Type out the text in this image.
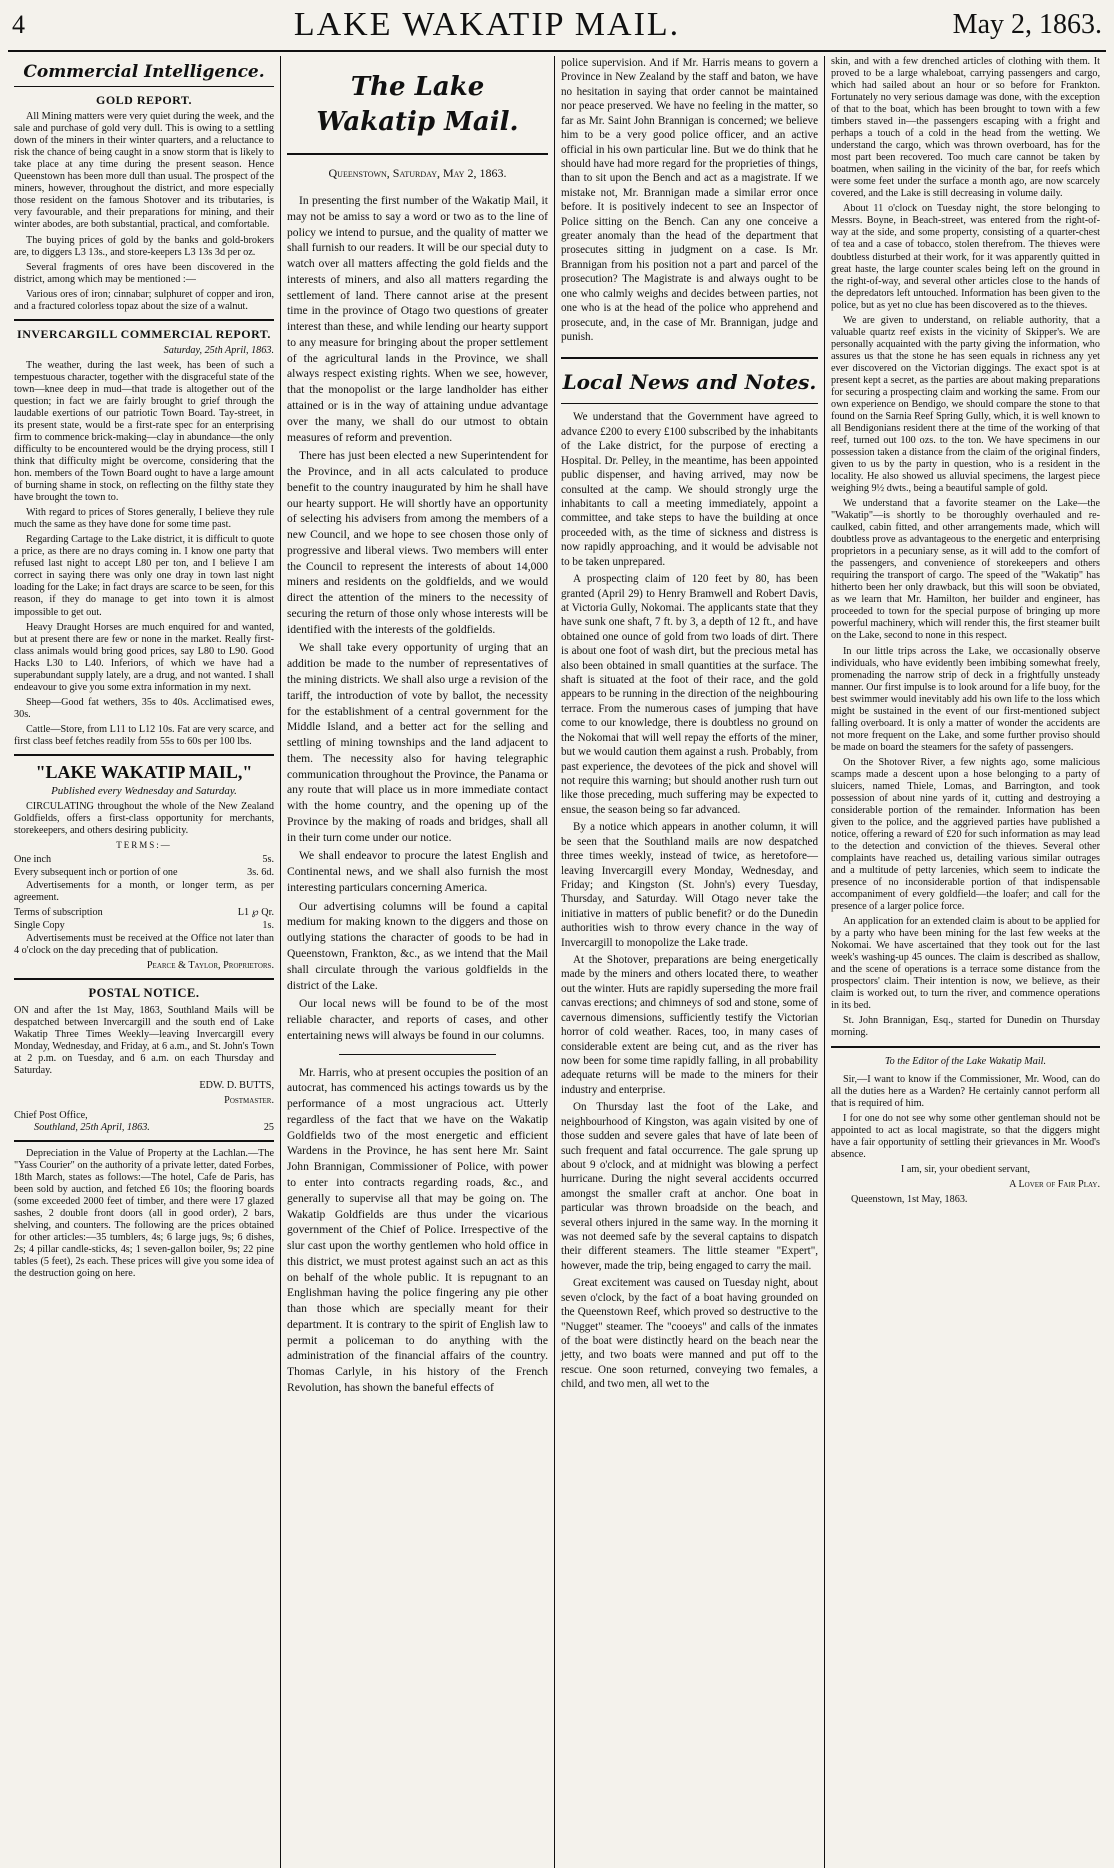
4	LAKE WAKATIP MAIL.	May 2, 1863.
Commercial Intelligence.
GOLD REPORT.

All Mining matters were very quiet during the week, and the sale and purchase of gold very dull. This is owing to a settling down of the miners in their winter quarters, and a reluctance to risk the chance of being caught in a snow storm that is likely to take place at any time during the present season. Hence Queenstown has been more dull than usual. The prospect of the miners, however, throughout the district, and more especially those resident on the famous Shotover and its tributaries, is very favourable, and their preparations for mining, and their winter abodes, are both substantial, practical, and comfortable.

The buying prices of gold by the banks and gold-brokers are, to diggers L3 13s., and store-keepers L3 13s 3d per oz.

Several fragments of ores have been discovered in the district, among which may be mentioned :—

Various ores of iron; cinnabar; sulphuret of copper and iron, and a fractured colorless topaz about the size of a walnut.

INVERCARGILL COMMERCIAL REPORT.
Saturday, 25th April, 1863.

The weather, during the last week, has been of such a tempestuous character, together with the disgraceful state of the town—knee deep in mud—that trade is altogether out of the question; in fact we are fairly brought to grief through the laudable exertions of our patriotic Town Board. Tay-street, in its present state, would be a first-rate spec for an enterprising firm to commence brick-making—clay in abundance—the only difficulty to be encountered would be the drying process, still I think that difficulty might be overcome, considering that the hon. members of the Town Board ought to have a large amount of burning shame in stock, on reflecting on the filthy state they have brought the town to.

With regard to prices of Stores generally, I believe they rule much the same as they have done for some time past.

Regarding Cartage to the Lake district, it is difficult to quote a price, as there are no drays coming in. I know one party that refused last night to accept L80 per ton, and I believe I am correct in saying there was only one dray in town last night loading for the Lake; in fact drays are scarce to be seen, for this reason, if they do manage to get into town it is almost impossible to get out.

Heavy Draught Horses are much enquired for and wanted, but at present there are few or none in the market. Really first-class animals would bring good prices, say L80 to L90. Good Hacks L30 to L40. Inferiors, of which we have had a superabundant supply lately, are a drug, and not wanted. I shall endeavour to give you some extra information in my next.

Sheep—Good fat wethers, 35s to 40s. Acclimatised ewes, 30s.

Cattle—Store, from L11 to L12 10s. Fat are very scarce, and first class beef fetches readily from 55s to 60s per 100 lbs.

"LAKE WAKATIP MAIL,"
Published every Wednesday and Saturday.

CIRCULATING throughout the whole of the New Zealand Goldfields, offers a first-class opportunity for merchants, storekeepers, and others desiring publicity.

TERMS:—
One inch	5s.
Every subsequent inch or portion of one	3s. 6d.

Advertisements for a month, or longer term, as per agreement.

Terms of subscription	L1 ℘ Qr.
Single Copy	1s.

Advertisements must be received at the Office not later than 4 o'clock on the day preceding that of publication.

Pearce & Taylor, Proprietors.
POSTAL NOTICE.

ON and after the 1st May, 1863, Southland Mails will be despatched between Invercargill and the south end of Lake Wakatip Three Times Weekly—leaving Invercargill every Monday, Wednesday, and Friday, at 6 a.m., and St. John's Town at 2 p.m. on Tuesday, and 6 a.m. on each Thursday and Saturday.

EDW. D. BUTTS,
Postmaster.
Chief Post Office,
Southland, 25th April, 1863.	25

Depreciation in the Value of Property at the Lachlan.—The "Yass Courier" on the authority of a private letter, dated Forbes, 18th March, states as follows:—The hotel, Cafe de Paris, has been sold by auction, and fetched £6 10s; the flooring boards (some exceeded 2000 feet of timber, and there were 17 glazed sashes, 2 double front doors (all in good order), 2 bars, shelving, and counters. The following are the prices obtained for other articles:—35 tumblers, 4s; 6 large jugs, 9s; 6 dishes, 2s; 4 pillar candle-sticks, 4s; 1 seven-gallon boiler, 9s; 22 pine tables (5 feet), 2s each. These prices will give you some idea of the destruction going on here.

The Lake Wakatip Mail.
Queenstown, Saturday, May 2, 1863.

In presenting the first number of the Wakatip Mail, it may not be amiss to say a word or two as to the line of policy we intend to pursue, and the quality of matter we shall furnish to our readers. It will be our special duty to watch over all matters affecting the gold fields and the interests of miners, and also all matters regarding the settlement of land. There cannot arise at the present time in the province of Otago two questions of greater interest than these, and while lending our hearty support to any measure for bringing about the proper settlement of the agricultural lands in the Province, we shall always respect existing rights. When we see, however, that the monopolist or the large landholder has either attained or is in the way of attaining undue advantage over the many, we shall do our utmost to obtain measures of reform and prevention.

There has just been elected a new Superintendent for the Province, and in all acts calculated to produce benefit to the country inaugurated by him he shall have our hearty support. He will shortly have an opportunity of selecting his advisers from among the members of a new Council, and we hope to see chosen those only of progressive and liberal views. Two members will enter the Council to represent the interests of about 14,000 miners and residents on the goldfields, and we would direct the attention of the miners to the necessity of securing the return of those only whose interests will be identified with the interests of the goldfields.

We shall take every opportunity of urging that an addition be made to the number of representatives of the mining districts. We shall also urge a revision of the tariff, the introduction of vote by ballot, the necessity for the establishment of a central government for the Middle Island, and a better act for the selling and settling of mining townships and the land adjacent to them. The necessity also for having telegraphic communication throughout the Province, the Panama or any route that will place us in more immediate contact with the home country, and the opening up of the Province by the making of roads and bridges, shall all in their turn come under our notice.

We shall endeavor to procure the latest English and Continental news, and we shall also furnish the most interesting particulars concerning America.

Our advertising columns will be found a capital medium for making known to the diggers and those on outlying stations the character of goods to be had in Queenstown, Frankton, &c., as we intend that the Mail shall circulate through the various goldfields in the district of the Lake.

Our local news will be found to be of the most reliable character, and reports of cases, and other entertaining news will always be found in our columns.

Mr. Harris, who at present occupies the position of an autocrat, has commenced his actings towards us by the performance of a most ungracious act. Utterly regardless of the fact that we have on the Wakatip Goldfields two of the most energetic and efficient Wardens in the Province, he has sent here Mr. Saint John Brannigan, Commissioner of Police, with power to enter into contracts regarding roads, &c., and generally to supervise all that may be going on. The Wakatip Goldfields are thus under the vicarious government of the Chief of Police. Irrespective of the slur cast upon the worthy gentlemen who hold office in this district, we must protest against such an act as this on behalf of the whole public. It is repugnant to an Englishman having the police fingering any pie other than those which are specially meant for their department. It is contrary to the spirit of English law to permit a policeman to do anything with the administration of the financial affairs of the country. Thomas Carlyle, in his history of the French Revolution, has shown the baneful effects of

police supervision. And if Mr. Harris means to govern a Province in New Zealand by the staff and baton, we have no hesitation in saying that order cannot be maintained nor peace preserved. We have no feeling in the matter, so far as Mr. Saint John Brannigan is concerned; we believe him to be a very good police officer, and an active official in his own particular line. But we do think that he should have had more regard for the proprieties of things, than to sit upon the Bench and act as a magistrate. If we mistake not, Mr. Brannigan made a similar error once before. It is positively indecent to see an Inspector of Police sitting on the Bench. Can any one conceive a greater anomaly than the head of the department that prosecutes sitting in judgment on a case. Is Mr. Brannigan from his position not a part and parcel of the prosecution? The Magistrate is and always ought to be one who calmly weighs and decides between parties, not one who is at the head of the police who apprehend and prosecute, and, in the case of Mr. Brannigan, judge and punish.

Local News and Notes.

We understand that the Government have agreed to advance £200 to every £100 subscribed by the inhabitants of the Lake district, for the purpose of erecting a Hospital. Dr. Pelley, in the meantime, has been appointed public dispenser, and having arrived, may now be consulted at the camp. We should strongly urge the inhabitants to call a meeting immediately, appoint a committee, and take steps to have the building at once proceeded with, as the time of sickness and distress is now rapidly approaching, and it would be advisable not to be taken unprepared.

A prospecting claim of 120 feet by 80, has been granted (April 29) to Henry Bramwell and Robert Davis, at Victoria Gully, Nokomai. The applicants state that they have sunk one shaft, 7 ft. by 3, a depth of 12 ft., and have obtained one ounce of gold from two loads of dirt. There is about one foot of wash dirt, but the precious metal has also been obtained in small quantities at the surface. The shaft is situated at the foot of their race, and the gold appears to be running in the direction of the neighbouring terrace. From the numerous cases of jumping that have come to our knowledge, there is doubtless no ground on the Nokomai that will well repay the efforts of the miner, but we would caution them against a rush. Probably, from past experience, the devotees of the pick and shovel will not require this warning; but should another rush turn out like those preceding, much suffering may be expected to ensue, the season being so far advanced.

By a notice which appears in another column, it will be seen that the Southland mails are now despatched three times weekly, instead of twice, as heretofore—leaving Invercargill every Monday, Wednesday, and Friday; and Kingston (St. John's) every Tuesday, Thursday, and Saturday. Will Otago never take the initiative in matters of public benefit? or do the Dunedin authorities wish to throw every chance in the way of Invercargill to monopolize the Lake trade.

At the Shotover, preparations are being energetically made by the miners and others located there, to weather out the winter. Huts are rapidly superseding the more frail canvas erections; and chimneys of sod and stone, some of cavernous dimensions, sufficiently testify the Victorian horror of cold weather. Races, too, in many cases of considerable extent are being cut, and as the river has now been for some time rapidly falling, in all probability adequate returns will be made to the miners for their industry and enterprise.

On Thursday last the foot of the Lake, and neighbourhood of Kingston, was again visited by one of those sudden and severe gales that have of late been of such frequent and fatal occurrence. The gale sprung up about 9 o'clock, and at midnight was blowing a perfect hurricane. During the night several accidents occurred amongst the smaller craft at anchor. One boat in particular was thrown broadside on the beach, and several others injured in the same way. In the morning it was not deemed safe by the several captains to dispatch their different steamers. The little steamer "Expert", however, made the trip, being engaged to carry the mail.

Great excitement was caused on Tuesday night, about seven o'clock, by the fact of a boat having grounded on the Queenstown Reef, which proved so destructive to the "Nugget" steamer. The "cooeys" and calls of the inmates of the boat were distinctly heard on the beach near the jetty, and two boats were manned and put off to the rescue. One soon returned, conveying two females, a child, and two men, all wet to the

skin, and with a few drenched articles of clothing with them. It proved to be a large whaleboat, carrying passengers and cargo, which had sailed about an hour or so before for Frankton. Fortunately no very serious damage was done, with the exception of that to the boat, which has been brought to town with a few timbers staved in—the passengers escaping with a fright and perhaps a touch of a cold in the head from the wetting. We understand the cargo, which was thrown overboard, has for the most part been recovered. Too much care cannot be taken by boatmen, when sailing in the vicinity of the bar, for reefs which were some feet under the surface a month ago, are now scarcely covered, and the Lake is still decreasing in volume daily.

About 11 o'clock on Tuesday night, the store belonging to Messrs. Boyne, in Beach-street, was entered from the right-of-way at the side, and some property, consisting of a quarter-chest of tea and a case of tobacco, stolen therefrom. The thieves were doubtless disturbed at their work, for it was apparently quitted in great haste, the large counter scales being left on the ground in the right-of-way, and several other articles close to the hands of the depredators left untouched. Information has been given to the police, but as yet no clue has been discovered as to the thieves.

We are given to understand, on reliable authority, that a valuable quartz reef exists in the vicinity of Skipper's. We are personally acquainted with the party giving the information, who assures us that the stone he has seen equals in richness any yet ever discovered on the Victorian diggings. The exact spot is at present kept a secret, as the parties are about making preparations for securing a prospecting claim and working the same. From our own experience on Bendigo, we should compare the stone to that found on the Sarnia Reef Spring Gully, which, it is well known to all Bendigonians resident there at the time of the working of that reef, turned out 100 ozs. to the ton. We have specimens in our possession taken a distance from the claim of the original finders, given to us by the party in question, who is a resident in the locality. He also showed us alluvial specimens, the largest piece weighing 9½ dwts., being a beautiful sample of gold.

We understand that a favorite steamer on the Lake—the "Wakatip"—is shortly to be thoroughly overhauled and re-caulked, cabin fitted, and other arrangements made, which will doubtless prove as advantageous to the energetic and enterprising proprietors in a pecuniary sense, as it will add to the comfort of the passengers, and convenience of storekeepers and others requiring the transport of cargo. The speed of the "Wakatip" has hitherto been her only drawback, but this will soon be obviated, as we learn that Mr. Hamilton, her builder and engineer, has proceeded to town for the special purpose of bringing up more powerful machinery, which will render this, the first steamer built on the Lake, second to none in this respect.

In our little trips across the Lake, we occasionally observe individuals, who have evidently been imbibing somewhat freely, promenading the narrow strip of deck in a frightfully unsteady manner. Our first impulse is to look around for a life buoy, for the best swimmer would inevitably add his own life to the loss which might be sustained in the event of our first-mentioned subject falling overboard. It is only a matter of wonder the accidents are not more frequent on the Lake, and some further proviso should be made on board the steamers for the safety of passengers.

On the Shotover River, a few nights ago, some malicious scamps made a descent upon a hose belonging to a party of sluicers, named Thiele, Lomas, and Barrington, and took possession of about nine yards of it, cutting and destroying a considerable portion of the remainder. Information has been given to the police, and the aggrieved parties have published a notice, offering a reward of £20 for such information as may lead to the detection and conviction of the thieves. Several other complaints have reached us, detailing various similar outrages and a multitude of petty larcenies, which seem to indicate the presence of no inconsiderable portion of that indispensable accompaniment of every goldfield—the loafer; and call for the presence of a larger police force.

An application for an extended claim is about to be applied for by a party who have been mining for the last few weeks at the Nokomai. We have ascertained that they took out for the last week's washing-up 45 ounces. The claim is described as shallow, and the scene of operations is a terrace some distance from the prospectors' claim. Their intention is now, we believe, as their claim is worked out, to turn the river, and commence operations in its bed.

St. John Brannigan, Esq., started for Dunedin on Thursday morning.

To the Editor of the Lake Wakatip Mail.

Sir,—I want to know if the Commissioner, Mr. Wood, can do all the duties here as a Warden? He certainly cannot perform all that is required of him.

I for one do not see why some other gentleman should not be appointed to act as local magistrate, so that the diggers might have a fair opportunity of settling their grievances in Mr. Wood's absence.

I am, sir, your obedient servant,
A Lover of Fair Play.
Queenstown, 1st May, 1863.
